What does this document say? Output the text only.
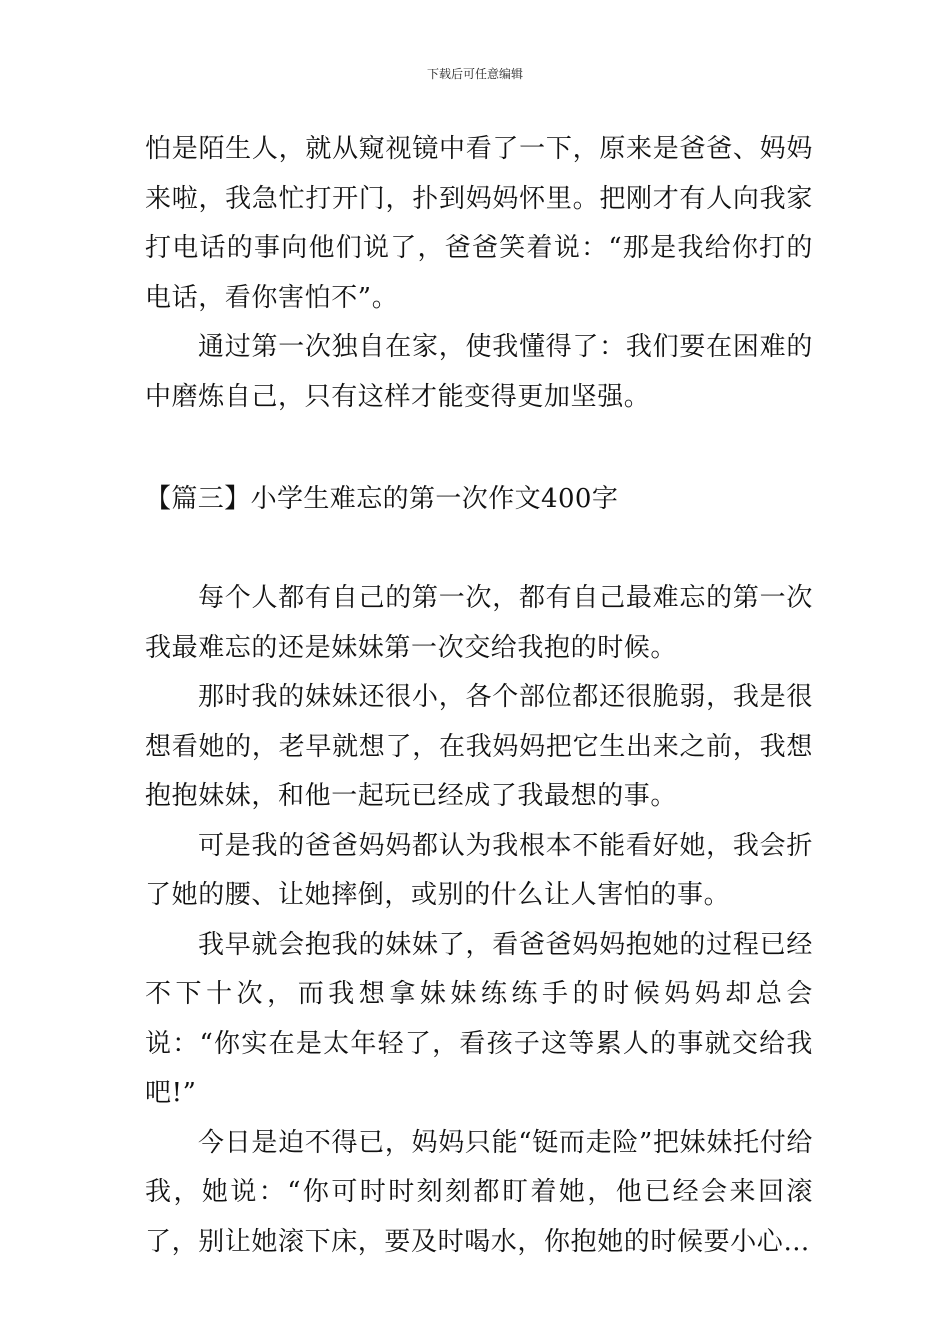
下载后可任意编辑

怕是陌生人，就从窥视镜中看了一下，原来是爸爸、妈妈来啦，我急忙打开门，扑到妈妈怀里。把刚才有人向我家打电话的事向他们说了，爸爸笑着说：“那是我给你打的电话，看你害怕不”。

通过第一次独自在家，使我懂得了：我们要在困难的中磨炼自己，只有这样才能变得更加坚强。

【篇三】小学生难忘的第一次作文400字

每个人都有自己的第一次，都有自己最难忘的第一次我最难忘的还是妹妹第一次交给我抱的时候。

那时我的妹妹还很小，各个部位都还很脆弱，我是很想看她的，老早就想了，在我妈妈把它生出来之前，我想抱抱妹妹，和他一起玩已经成了我最想的事。

可是我的爸爸妈妈都认为我根本不能看好她，我会折了她的腰、让她摔倒，或别的什么让人害怕的事。

我早就会抱我的妹妹了，看爸爸妈妈抱她的过程已经不下十次，而我想拿妹妹练练手的时候妈妈却总会说：“你实在是太年轻了，看孩子这等累人的事就交给我吧!”

今日是迫不得已，妈妈只能“铤而走险”把妹妹托付给我，她说：“你可时时刻刻都盯着她，他已经会来回滚了，别让她滚下床，要及时喝水，你抱她的时候要小心…
